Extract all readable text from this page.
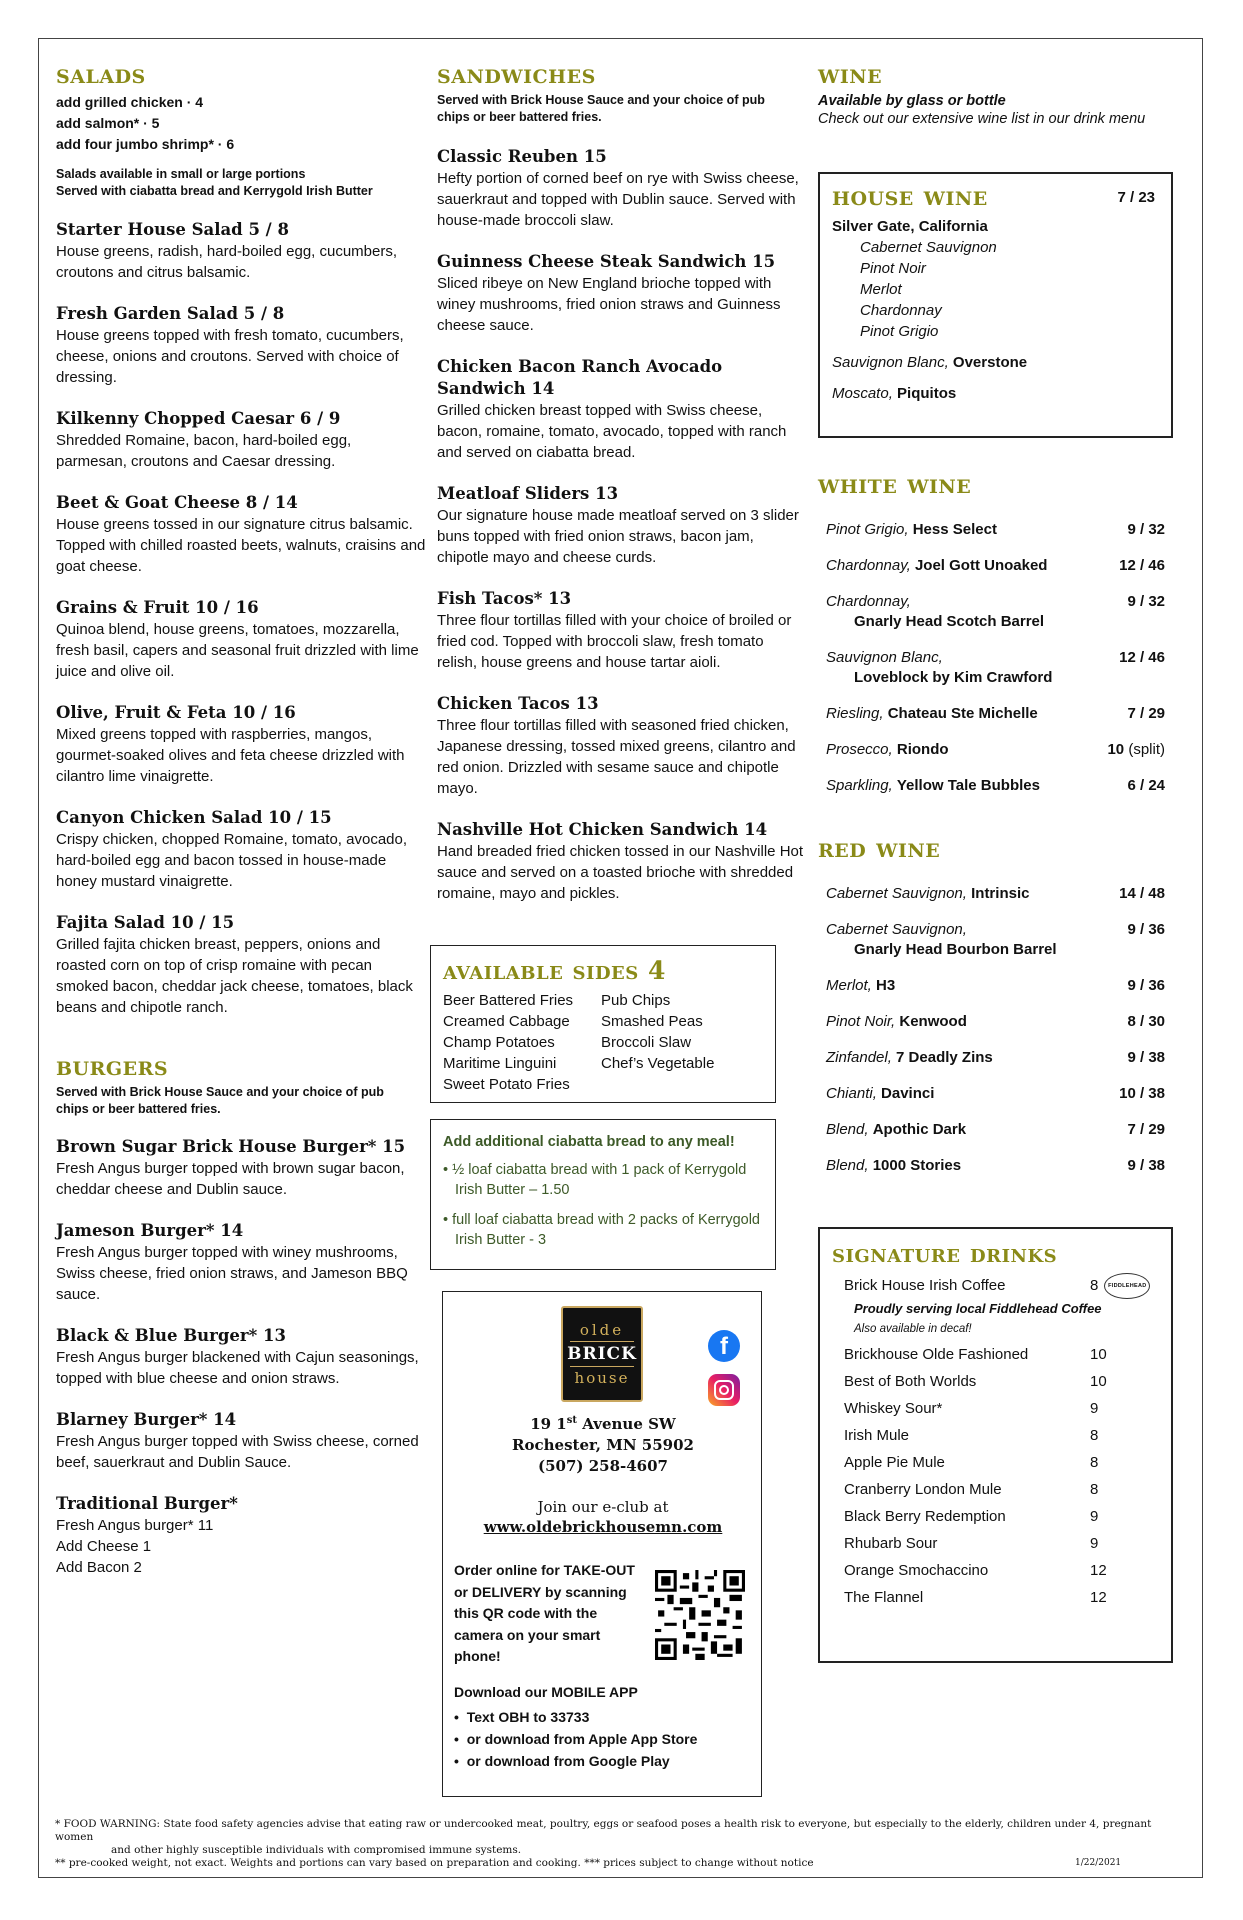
salads
add grilled chicken · 4
add salmon* · 5
add four jumbo shrimp* · 6
Salads available in small or large portions
Served with ciabatta bread and Kerrygold Irish Butter
Starter House Salad 5 / 8
House greens, radish, hard-boiled egg, cucumbers, croutons and citrus balsamic.
Fresh Garden Salad 5 / 8
House greens topped with fresh tomato, cucumbers, cheese, onions and croutons. Served with choice of dressing.
Kilkenny Chopped Caesar 6 / 9
Shredded Romaine, bacon, hard-boiled egg, parmesan, croutons and Caesar dressing.
Beet & Goat Cheese 8 / 14
House greens tossed in our signature citrus balsamic. Topped with chilled roasted beets, walnuts, craisins and goat cheese.
Grains & Fruit 10 / 16
Quinoa blend, house greens, tomatoes, mozzarella, fresh basil, capers and seasonal fruit drizzled with lime juice and olive oil.
Olive, Fruit & Feta 10 / 16
Mixed greens topped with raspberries, mangos, gourmet-soaked olives and feta cheese drizzled with cilantro lime vinaigrette.
Canyon Chicken Salad 10 / 15
Crispy chicken, chopped Romaine, tomato, avocado, hard-boiled egg and bacon tossed in house-made honey mustard vinaigrette.
Fajita Salad 10 / 15
Grilled fajita chicken breast, peppers, onions and roasted corn on top of crisp romaine with pecan smoked bacon, cheddar jack cheese, tomatoes, black beans and chipotle ranch.
burgers
Served with Brick House Sauce and your choice of pub chips or beer battered fries.
Brown Sugar Brick House Burger* 15
Fresh Angus burger topped with brown sugar bacon, cheddar cheese and Dublin sauce.
Jameson Burger* 14
Fresh Angus burger topped with winey mushrooms, Swiss cheese, fried onion straws, and Jameson BBQ sauce.
Black & Blue Burger* 13
Fresh Angus burger blackened with Cajun seasonings, topped with blue cheese and onion straws.
Blarney Burger* 14
Fresh Angus burger topped with Swiss cheese, corned beef, sauerkraut and Dublin Sauce.
Traditional Burger*
Fresh Angus burger* 11
Add Cheese 1
Add Bacon 2
sandwiches
Served with Brick House Sauce and your choice of pub chips or beer battered fries.
Classic Reuben 15
Hefty portion of corned beef on rye with Swiss cheese, sauerkraut and topped with Dublin sauce. Served with house-made broccoli slaw.
Guinness Cheese Steak Sandwich 15
Sliced ribeye on New England brioche topped with winey mushrooms, fried onion straws and Guinness cheese sauce.
Chicken Bacon Ranch Avocado Sandwich 14
Grilled chicken breast topped with Swiss cheese, bacon, romaine, tomato, avocado, topped with ranch and served on ciabatta bread.
Meatloaf Sliders 13
Our signature house made meatloaf served on 3 slider buns topped with fried onion straws, bacon jam, chipotle mayo and cheese curds.
Fish Tacos* 13
Three flour tortillas filled with your choice of broiled or fried cod. Topped with broccoli slaw, fresh tomato relish, house greens and house tartar aioli.
Chicken Tacos 13
Three flour tortillas filled with seasoned fried chicken, Japanese dressing, tossed mixed greens, cilantro and red onion. Drizzled with sesame sauce and chipotle mayo.
Nashville Hot Chicken Sandwich 14
Hand breaded fried chicken tossed in our Nashville Hot sauce and served on a toasted brioche with shredded romaine, mayo and pickles.
available sides 4
Beer Battered Fries	Pub Chips
Creamed Cabbage	Smashed Peas
Champ Potatoes	Broccoli Slaw
Maritime Linguini	Chef’s Vegetable
Sweet Potato Fries
Add additional ciabatta bread to any meal!
• ½ loaf ciabatta bread with 1 pack of Kerrygold Irish Butter – 1.50
• full loaf ciabatta bread with 2 packs of Kerrygold Irish Butter - 3
olde
BRICK
house
f
19 1st Avenue SW
Rochester, MN 55902
(507) 258-4607
Join our e-club at
www.oldebrickhousemn.com
Order online for TAKE-OUT or DELIVERY by scanning this QR code with the camera on your smart phone!
Download our MOBILE APP
•  Text OBH to 33733
•  or download from Apple App Store
•  or download from Google Play
wine
Available by glass or bottle
Check out our extensive wine list in our drink menu
house wine	7 / 23
Silver Gate, California
Cabernet Sauvignon
Pinot Noir
Merlot
Chardonnay
Pinot Grigio
Sauvignon Blanc, Overstone
Moscato, Piquitos
white wine
Pinot Grigio, Hess Select	9 / 32
Chardonnay, Joel Gott Unoaked	12 / 46
Chardonnay,
Gnarly Head Scotch Barrel
9 / 32
Sauvignon Blanc,
Loveblock by Kim Crawford
12 / 46
Riesling, Chateau Ste Michelle	7 / 29
Prosecco, Riondo	10 (split)
Sparkling, Yellow Tale Bubbles	6 / 24
red wine
Cabernet Sauvignon, Intrinsic	14 / 48
Cabernet Sauvignon,
Gnarly Head Bourbon Barrel
9 / 36
Merlot, H3	9 / 36
Pinot Noir, Kenwood	8 / 30
Zinfandel, 7 Deadly Zins	9 / 38
Chianti, Davinci	10 / 38
Blend, Apothic Dark	7 / 29
Blend, 1000 Stories	9 / 38
signature drinks
Brick House Irish Coffee	8	FIDDLEHEAD
Proudly serving local Fiddlehead Coffee
Also available in decaf!
Brickhouse Olde Fashioned	10
Best of Both Worlds	10
Whiskey Sour*	9
Irish Mule	8
Apple Pie Mule	8
Cranberry London Mule	8
Black Berry Redemption	9
Rhubarb Sour	9
Orange Smochaccino	12
The Flannel	12
* FOOD WARNING: State food safety agencies advise that eating raw or undercooked meat, poultry, eggs or seafood poses a health risk to everyone, but especially to the elderly, children under 4, pregnant women
and other highly susceptible individuals with compromised immune systems.
** pre-cooked weight, not exact. Weights and portions can vary based on preparation and cooking. *** prices subject to change without notice	1/22/2021
